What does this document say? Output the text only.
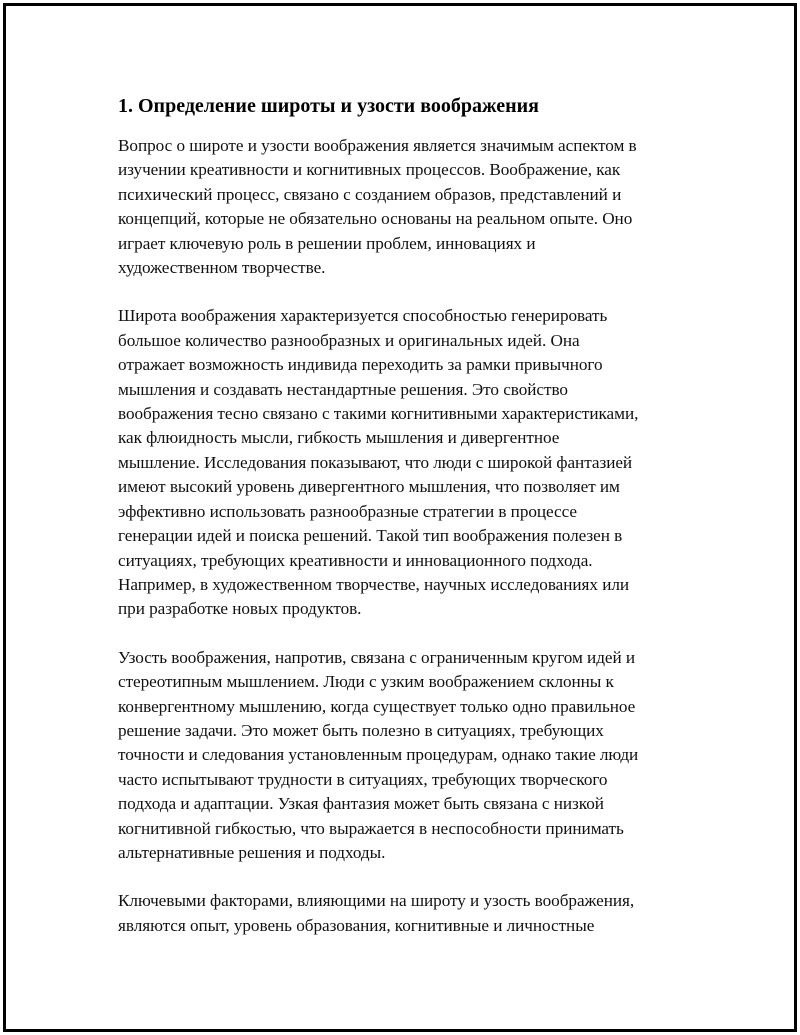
1. Определение широты и узости воображения

Вопрос о широте и узости воображения является значимым аспектом в
изучении креативности и когнитивных процессов. Воображение, как
психический процесс, связано с созданием образов, представлений и
концепций, которые не обязательно основаны на реальном опыте. Оно
играет ключевую роль в решении проблем, инновациях и
художественном творчестве.

Широта воображения характеризуется способностью генерировать
большое количество разнообразных и оригинальных идей. Она
отражает возможность индивида переходить за рамки привычного
мышления и создавать нестандартные решения. Это свойство
воображения тесно связано с такими когнитивными характеристиками,
как флюидность мысли, гибкость мышления и дивергентное
мышление. Исследования показывают, что люди с широкой фантазией
имеют высокий уровень дивергентного мышления, что позволяет им
эффективно использовать разнообразные стратегии в процессе
генерации идей и поиска решений. Такой тип воображения полезен в
ситуациях, требующих креативности и инновационного подхода.
Например, в художественном творчестве, научных исследованиях или
при разработке новых продуктов.

Узость воображения, напротив, связана с ограниченным кругом идей и
стереотипным мышлением. Люди с узким воображением склонны к
конвергентному мышлению, когда существует только одно правильное
решение задачи. Это может быть полезно в ситуациях, требующих
точности и следования установленным процедурам, однако такие люди
часто испытывают трудности в ситуациях, требующих творческого
подхода и адаптации. Узкая фантазия может быть связана с низкой
когнитивной гибкостью, что выражается в неспособности принимать
альтернативные решения и подходы.

Ключевыми факторами, влияющими на широту и узость воображения,
являются опыт, уровень образования, когнитивные и личностные
